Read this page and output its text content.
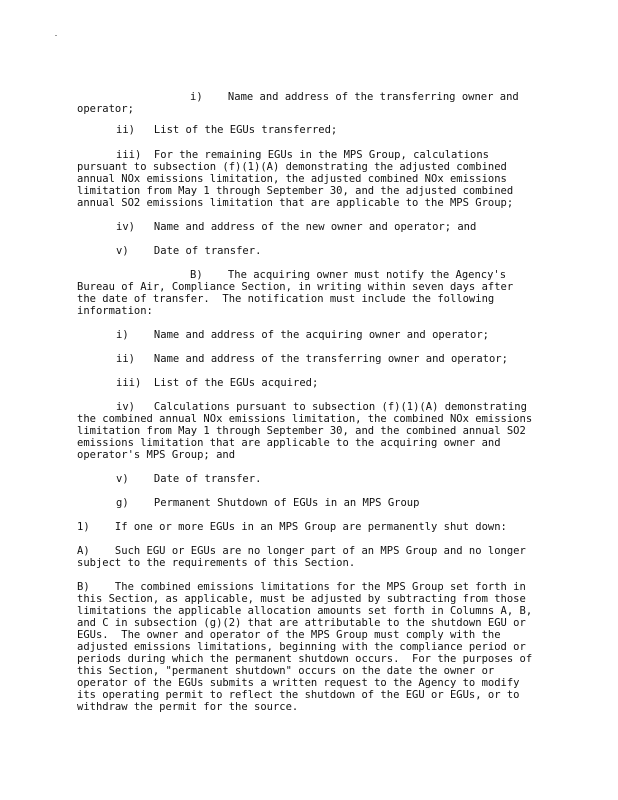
i)    Name and address of the transferring owner and
operator;
ii)   List of the EGUs transferred;
iii)  For the remaining EGUs in the MPS Group, calculations
pursuant to subsection (f)(1)(A) demonstrating the adjusted combined
annual NOx emissions limitation, the adjusted combined NOx emissions
limitation from May 1 through September 30, and the adjusted combined
annual SO2 emissions limitation that are applicable to the MPS Group;
iv)   Name and address of the new owner and operator; and
v)    Date of transfer.
B)    The acquiring owner must notify the Agency's
Bureau of Air, Compliance Section, in writing within seven days after
the date of transfer.  The notification must include the following
information:
i)    Name and address of the acquiring owner and operator;
ii)   Name and address of the transferring owner and operator;
iii)  List of the EGUs acquired;
iv)   Calculations pursuant to subsection (f)(1)(A) demonstrating
the combined annual NOx emissions limitation, the combined NOx emissions
limitation from May 1 through September 30, and the combined annual SO2
emissions limitation that are applicable to the acquiring owner and
operator's MPS Group; and
v)    Date of transfer.
g)    Permanent Shutdown of EGUs in an MPS Group
1)    If one or more EGUs in an MPS Group are permanently shut down:
A)    Such EGU or EGUs are no longer part of an MPS Group and no longer
subject to the requirements of this Section.
B)    The combined emissions limitations for the MPS Group set forth in
this Section, as applicable, must be adjusted by subtracting from those
limitations the applicable allocation amounts set forth in Columns A, B,
and C in subsection (g)(2) that are attributable to the shutdown EGU or
EGUs.  The owner and operator of the MPS Group must comply with the
adjusted emissions limitations, beginning with the compliance period or
periods during which the permanent shutdown occurs.  For the purposes of
this Section, "permanent shutdown" occurs on the date the owner or
operator of the EGUs submits a written request to the Agency to modify
its operating permit to reflect the shutdown of the EGU or EGUs, or to
withdraw the permit for the source.
